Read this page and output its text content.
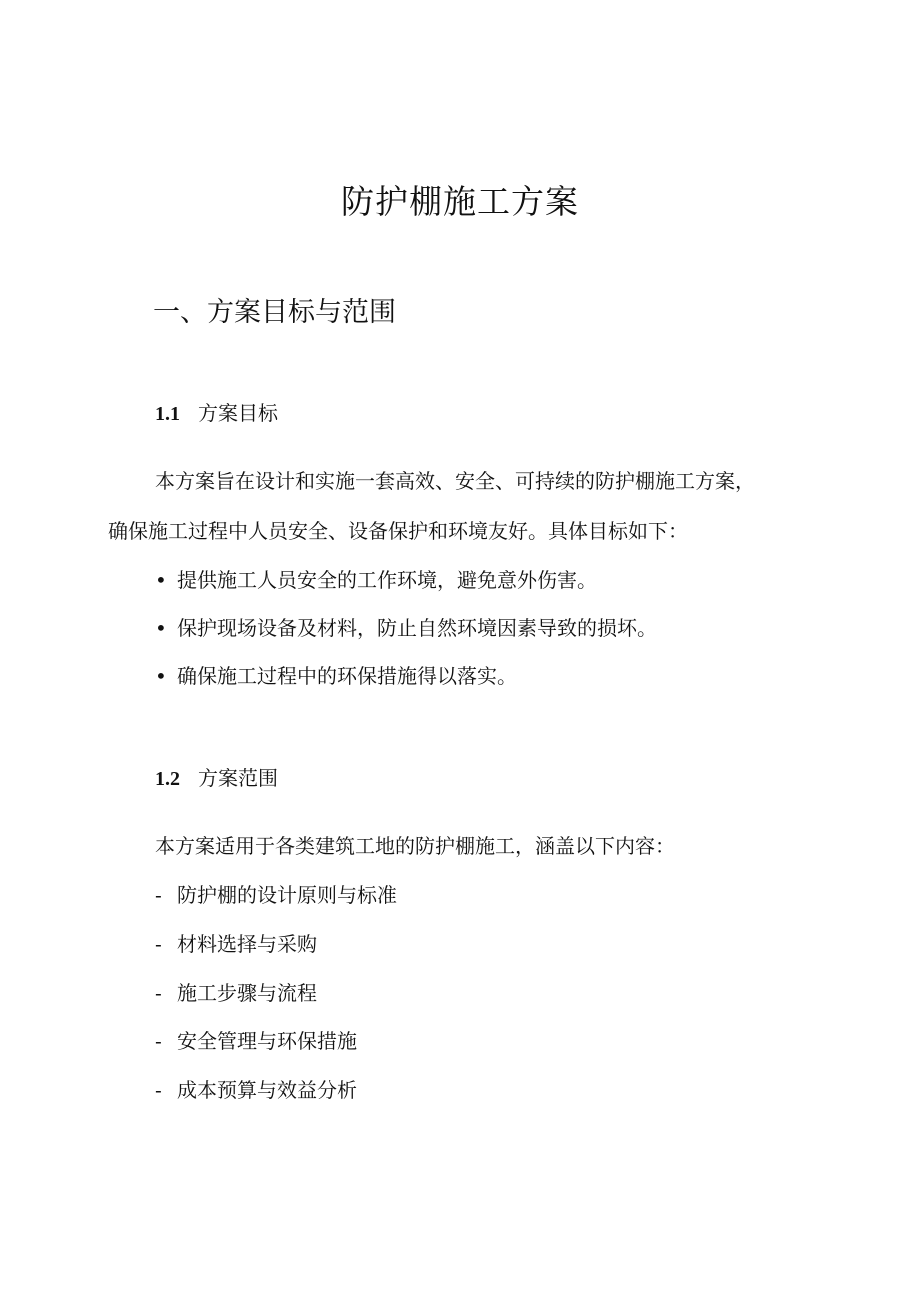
防护棚施工方案
一、方案目标与范围
1.1 方案目标

本方案旨在设计和实施一套高效、安全、可持续的防护棚施工方案，

确保施工过程中人员安全、设备保护和环境友好。具体目标如下：

• 提供施工人员安全的工作环境，避免意外伤害。
• 保护现场设备及材料，防止自然环境因素导致的损坏。
• 确保施工过程中的环保措施得以落实。
1.2 方案范围

本方案适用于各类建筑工地的防护棚施工，涵盖以下内容：

- 防护棚的设计原则与标准
- 材料选择与采购
- 施工步骤与流程
- 安全管理与环保措施
- 成本预算与效益分析
